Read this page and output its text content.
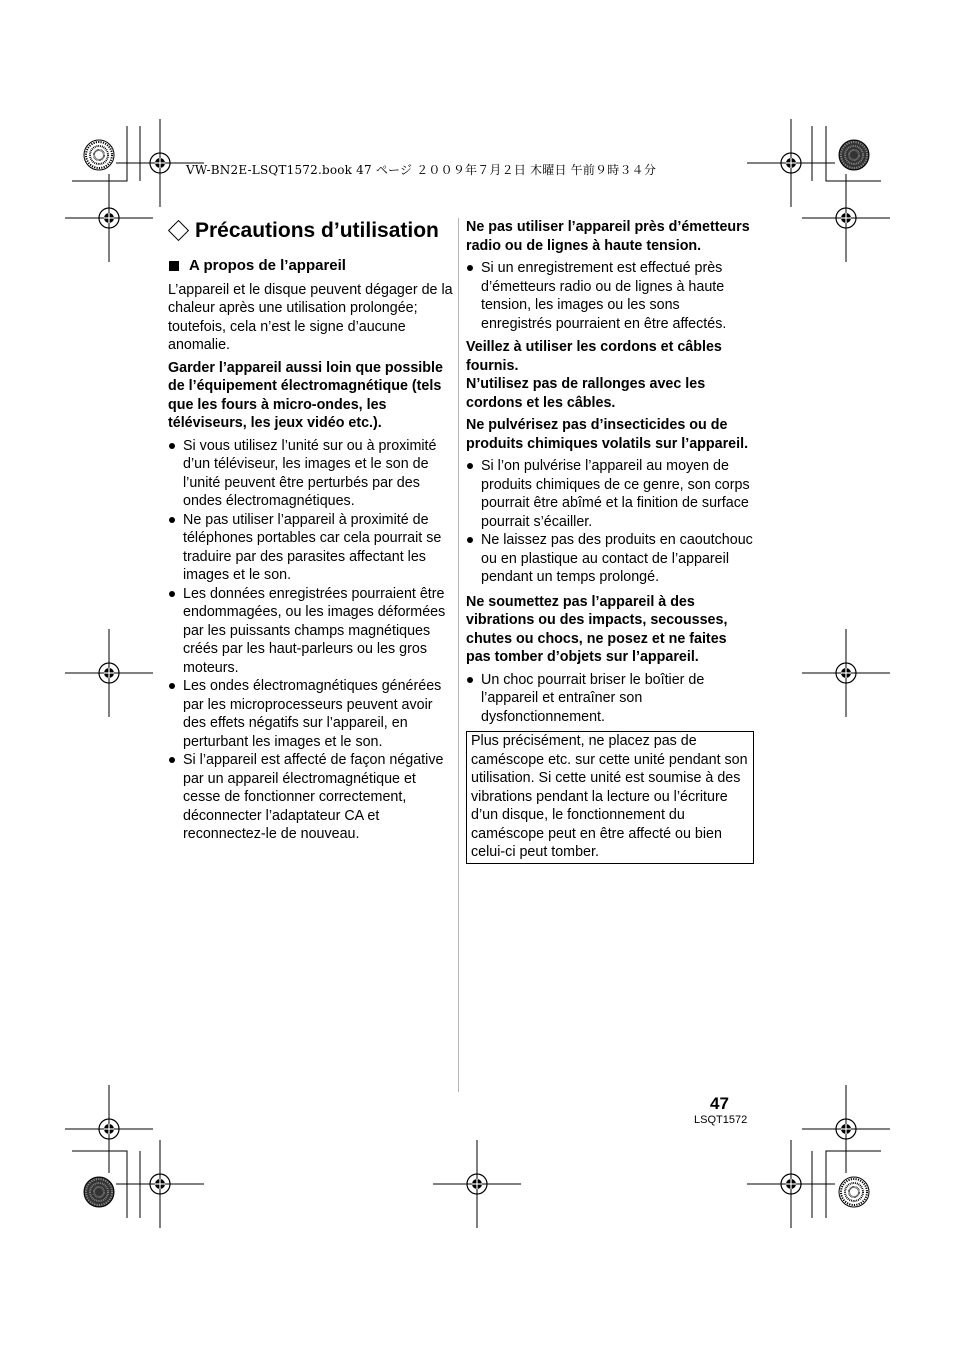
VW-BN2E-LSQT1572.book 47 ページ ２００９年７月２日 木曜日 午前９時３４分
Précautions d’utilisation
A propos de l’appareil

L’appareil et le disque peuvent dégager de la chaleur après une utilisation prolongée; toutefois, cela n’est le signe d’aucune anomalie.

Garder l’appareil aussi loin que possible de l’équipement électromagnétique (tels que les fours à micro-ondes, les téléviseurs, les jeux vidéo etc.).

Si vous utilisez l’unité sur ou à proximité d’un téléviseur, les images et le son de l’unité peuvent être perturbés par des ondes électromagnétiques.
Ne pas utiliser l’appareil à proximité de téléphones portables car cela pourrait se traduire par des parasites affectant les images et le son.
Les données enregistrées pourraient être endommagées, ou les images déformées par les puissants champs magnétiques créés par les haut-parleurs ou les gros moteurs.
Les ondes électromagnétiques générées par les microprocesseurs peuvent avoir des effets négatifs sur l’appareil, en perturbant les images et le son.
Si l’appareil est affecté de façon négative par un appareil électromagnétique et cesse de fonctionner correctement, déconnecter l’adaptateur CA et reconnectez-le de nouveau.

Ne pas utiliser l’appareil près d’émetteurs radio ou de lignes à haute tension.

Si un enregistrement est effectué près d’émetteurs radio ou de lignes à haute tension, les images ou les sons enregistrés pourraient en être affectés.

Veillez à utiliser les cordons et câbles fournis.

N’utilisez pas de rallonges avec les cordons et les câbles.

Ne pulvérisez pas d’insecticides ou de produits chimiques volatils sur l’appareil.

Si l’on pulvérise l’appareil au moyen de produits chimiques de ce genre, son corps pourrait être abîmé et la finition de surface pourrait s’écailler.
Ne laissez pas des produits en caoutchouc ou en plastique au contact de l’appareil pendant un temps prolongé.

Ne soumettez pas l’appareil à des vibrations ou des impacts, secousses, chutes ou chocs, ne posez et ne faites pas tomber d’objets sur l’appareil.

Un choc pourrait briser le boîtier de l’appareil et entraîner son dysfonctionnement.
Plus précisément, ne placez pas de caméscope etc. sur cette unité pendant son utilisation. Si cette unité est soumise à des vibrations pendant la lecture ou l’écriture d’un disque, le fonctionnement du caméscope peut en être affecté ou bien celui-ci peut tomber.
47
LSQT1572
